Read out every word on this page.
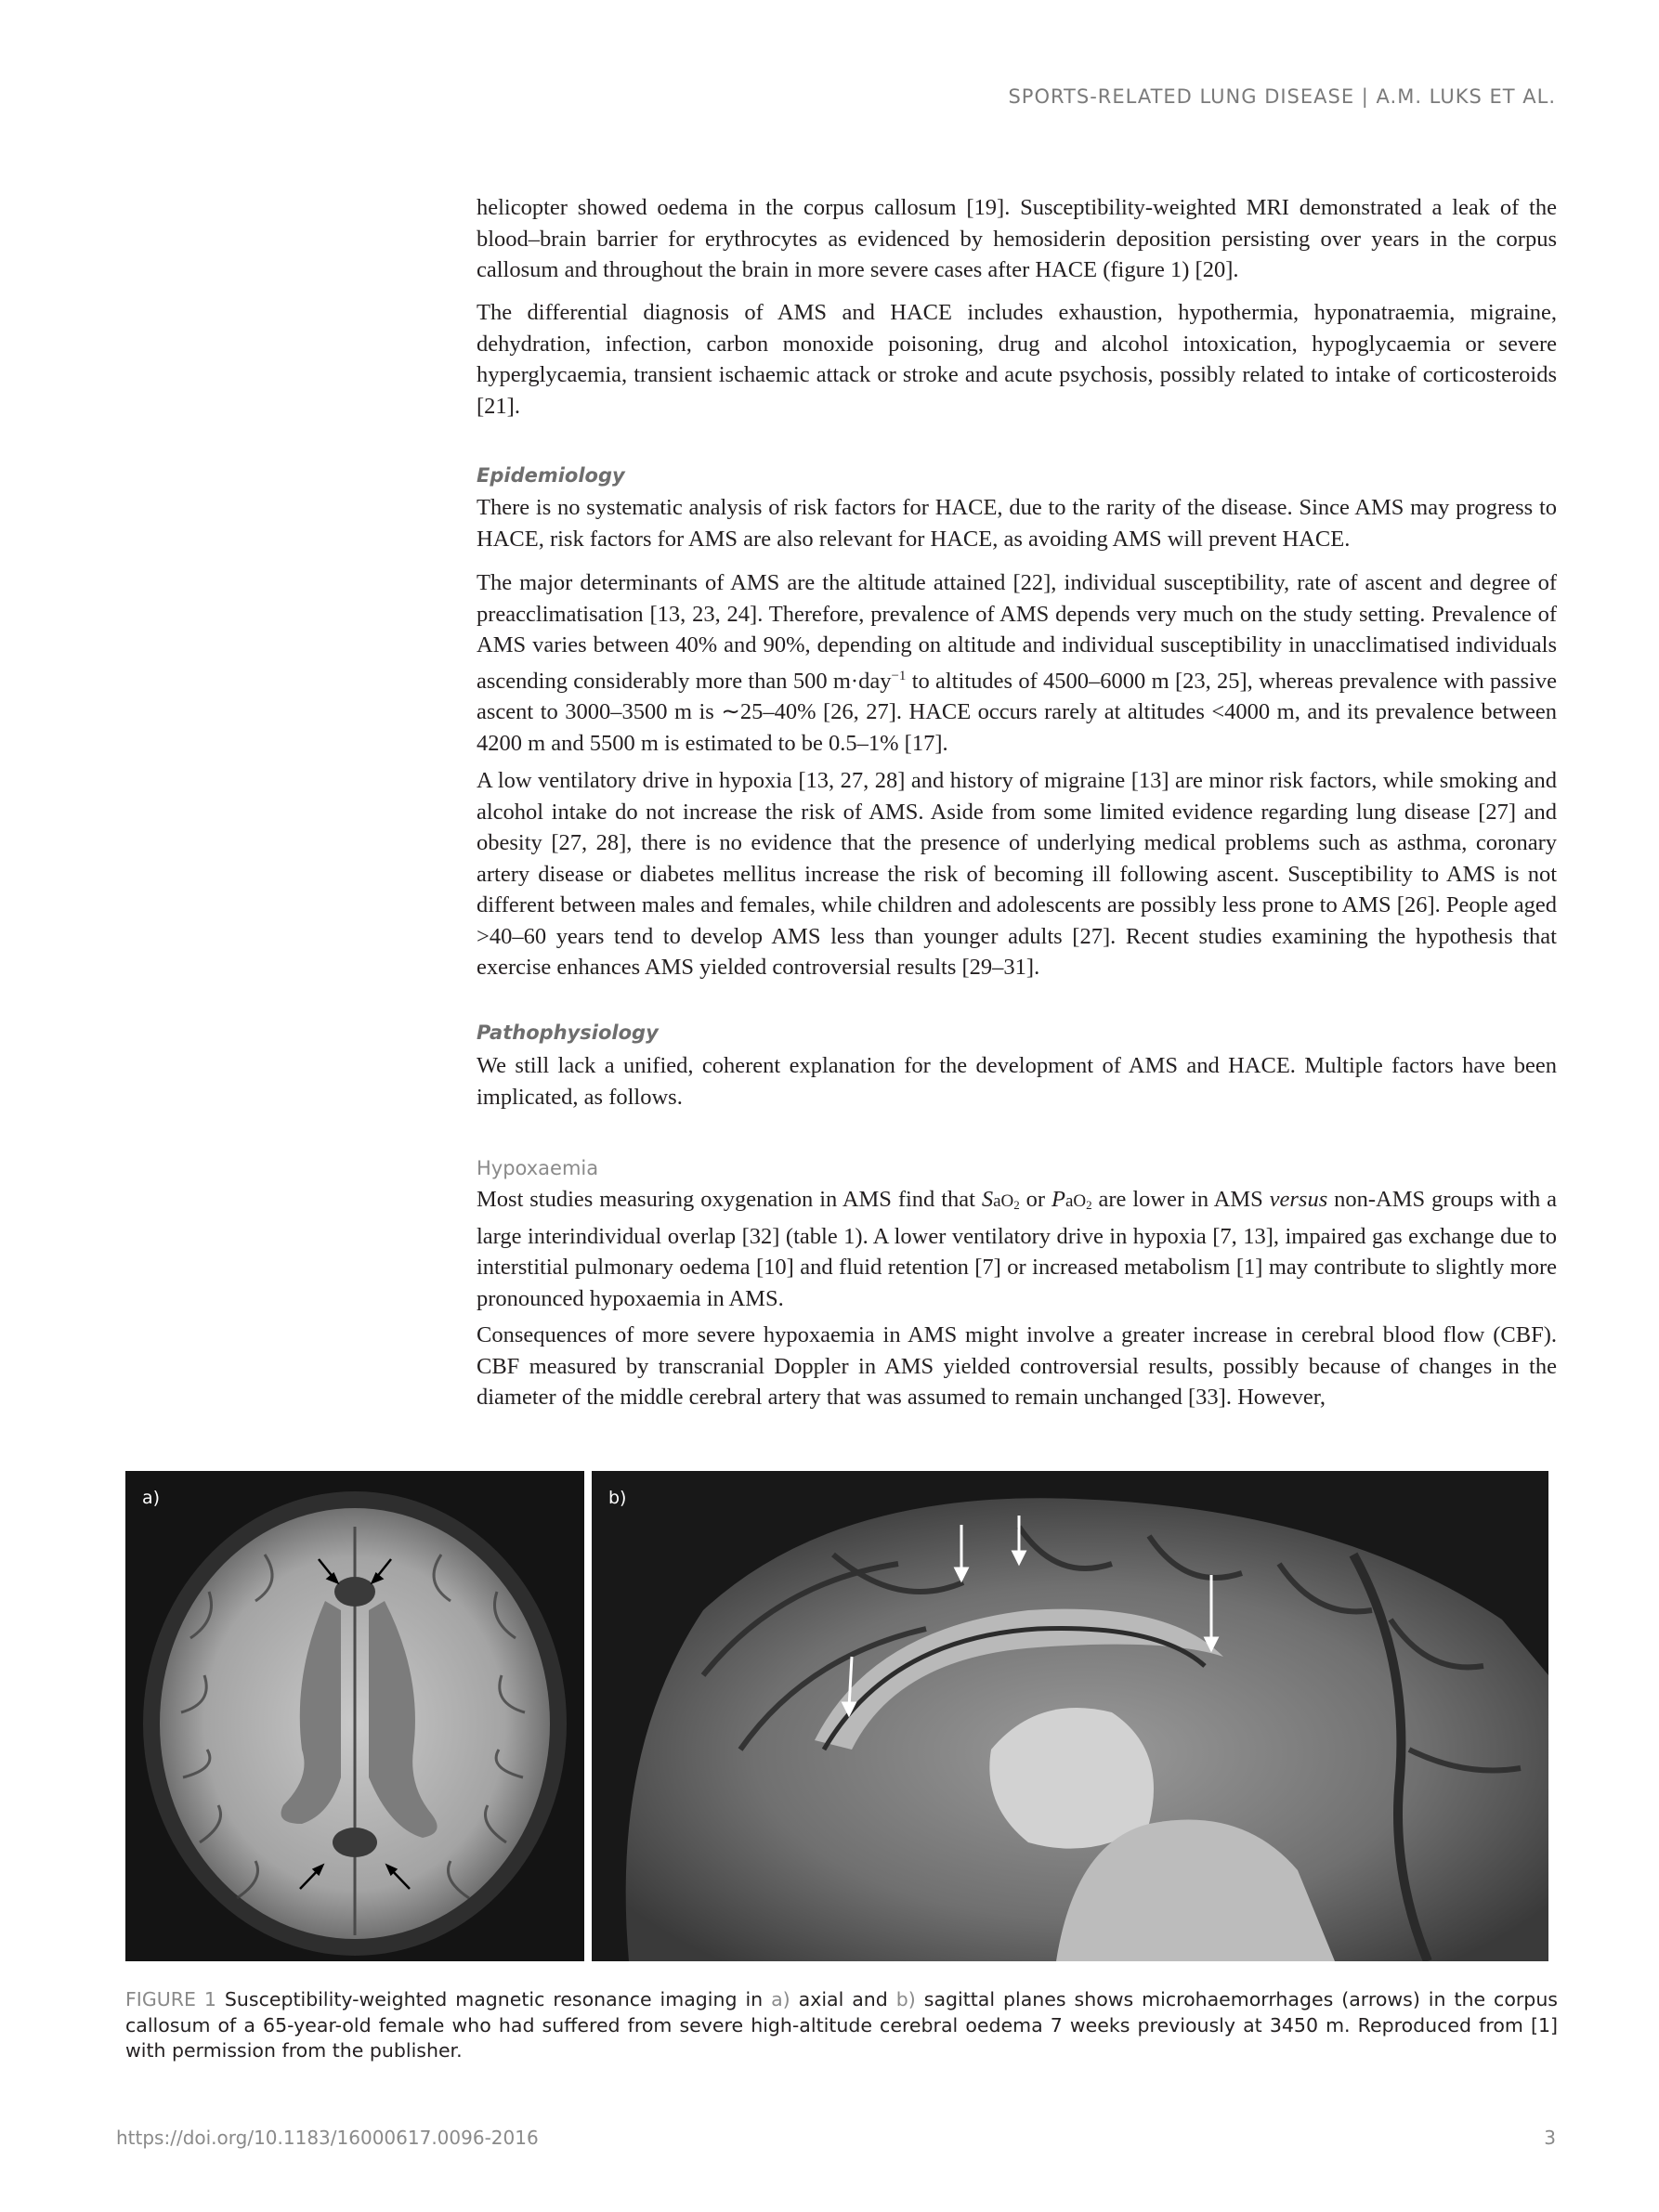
SPORTS-RELATED LUNG DISEASE | A.M. LUKS ET AL.

helicopter showed oedema in the corpus callosum [19]. Susceptibility-weighted MRI demonstrated a leak of the blood–brain barrier for erythrocytes as evidenced by hemosiderin deposition persisting over years in the corpus callosum and throughout the brain in more severe cases after HACE (figure 1) [20].

The differential diagnosis of AMS and HACE includes exhaustion, hypothermia, hyponatraemia, migraine, dehydration, infection, carbon monoxide poisoning, drug and alcohol intoxication, hypoglycaemia or severe hyperglycaemia, transient ischaemic attack or stroke and acute psychosis, possibly related to intake of corticosteroids [21].

Epidemiology

There is no systematic analysis of risk factors for HACE, due to the rarity of the disease. Since AMS may progress to HACE, risk factors for AMS are also relevant for HACE, as avoiding AMS will prevent HACE.

The major determinants of AMS are the altitude attained [22], individual susceptibility, rate of ascent and degree of preacclimatisation [13, 23, 24]. Therefore, prevalence of AMS depends very much on the study setting. Prevalence of AMS varies between 40% and 90%, depending on altitude and individual susceptibility in unacclimatised individuals ascending considerably more than 500 m·day$^{-1}$ to altitudes of 4500–6000 m [23, 25], whereas prevalence with passive ascent to 3000–3500 m is ∼25–40% [26, 27]. HACE occurs rarely at altitudes <4000 m, and its prevalence between 4200 m and 5500 m is estimated to be 0.5–1% [17].

A low ventilatory drive in hypoxia [13, 27, 28] and history of migraine [13] are minor risk factors, while smoking and alcohol intake do not increase the risk of AMS. Aside from some limited evidence regarding lung disease [27] and obesity [27, 28], there is no evidence that the presence of underlying medical problems such as asthma, coronary artery disease or diabetes mellitus increase the risk of becoming ill following ascent. Susceptibility to AMS is not different between males and females, while children and adolescents are possibly less prone to AMS [26]. People aged >40–60 years tend to develop AMS less than younger adults [27]. Recent studies examining the hypothesis that exercise enhances AMS yielded controversial results [29–31].

Pathophysiology

We still lack a unified, coherent explanation for the development of AMS and HACE. Multiple factors have been implicated, as follows.

Hypoxaemia

Most studies measuring oxygenation in AMS find that SaO$_2$ or PaO$_2$ are lower in AMS versus non-AMS groups with a large interindividual overlap [32] (table 1). A lower ventilatory drive in hypoxia [7, 13], impaired gas exchange due to interstitial pulmonary oedema [10] and fluid retention [7] or increased metabolism [1] may contribute to slightly more pronounced hypoxaemia in AMS.

Consequences of more severe hypoxaemia in AMS might involve a greater increase in cerebral blood flow (CBF). CBF measured by transcranial Doppler in AMS yielded controversial results, possibly because of changes in the diameter of the middle cerebral artery that was assumed to remain unchanged [33]. However,

a)	b)
FIGURE 1 Susceptibility-weighted magnetic resonance imaging in a) axial and b) sagittal planes shows microhaemorrhages (arrows) in the corpus callosum of a 65-year-old female who had suffered from severe high-altitude cerebral oedema 7 weeks previously at 3450 m. Reproduced from [1] with permission from the publisher.
https://doi.org/10.1183/16000617.0096-2016	3
